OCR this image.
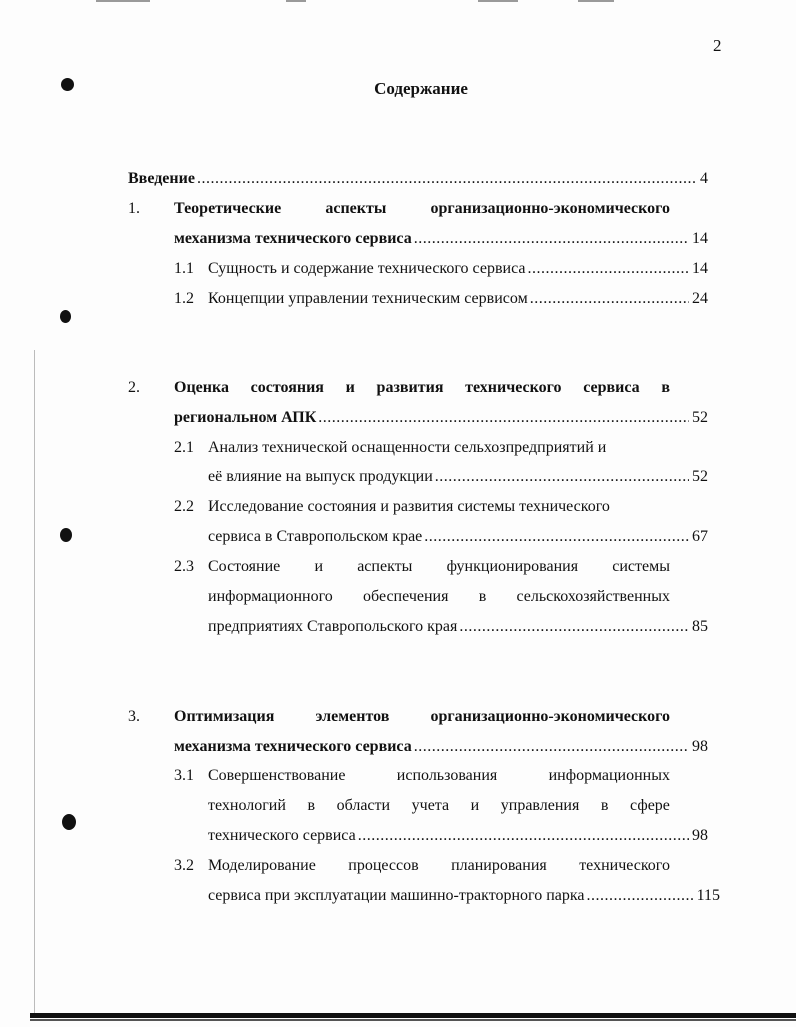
2
Содержание
Введение .....	4
1. Теоретические	аспекты	организационно-экономического
механизма технического сервиса .....	14
1.1 Сущность и содержание технического сервиса .....	14
1.2 Концепции управлении техническим сервисом .....	24
2. Оценка состояния и развития технического сервиса в
региональном АПК .....	52
2.1 Анализ технической оснащенности сельхозпредприятий и
её влияние на выпуск продукции .....	52
2.2 Исследование состояния и развития системы технического
сервиса в Ставропольском крае .....	67
2.3 Состояние и аспекты функционирования системы
информационного обеспечения в сельскохозяйственных
предприятиях Ставропольского края .....	85
3. Оптимизация	элементов	организационно-экономического
механизма технического сервиса .....	98
3.1 Совершенствование	использования	информационных
технологий в области учета и управления в сфере
технического сервиса .....	98
3.2 Моделирование процессов планирования технического
сервиса при эксплуатации машинно-тракторного парка .....	115
